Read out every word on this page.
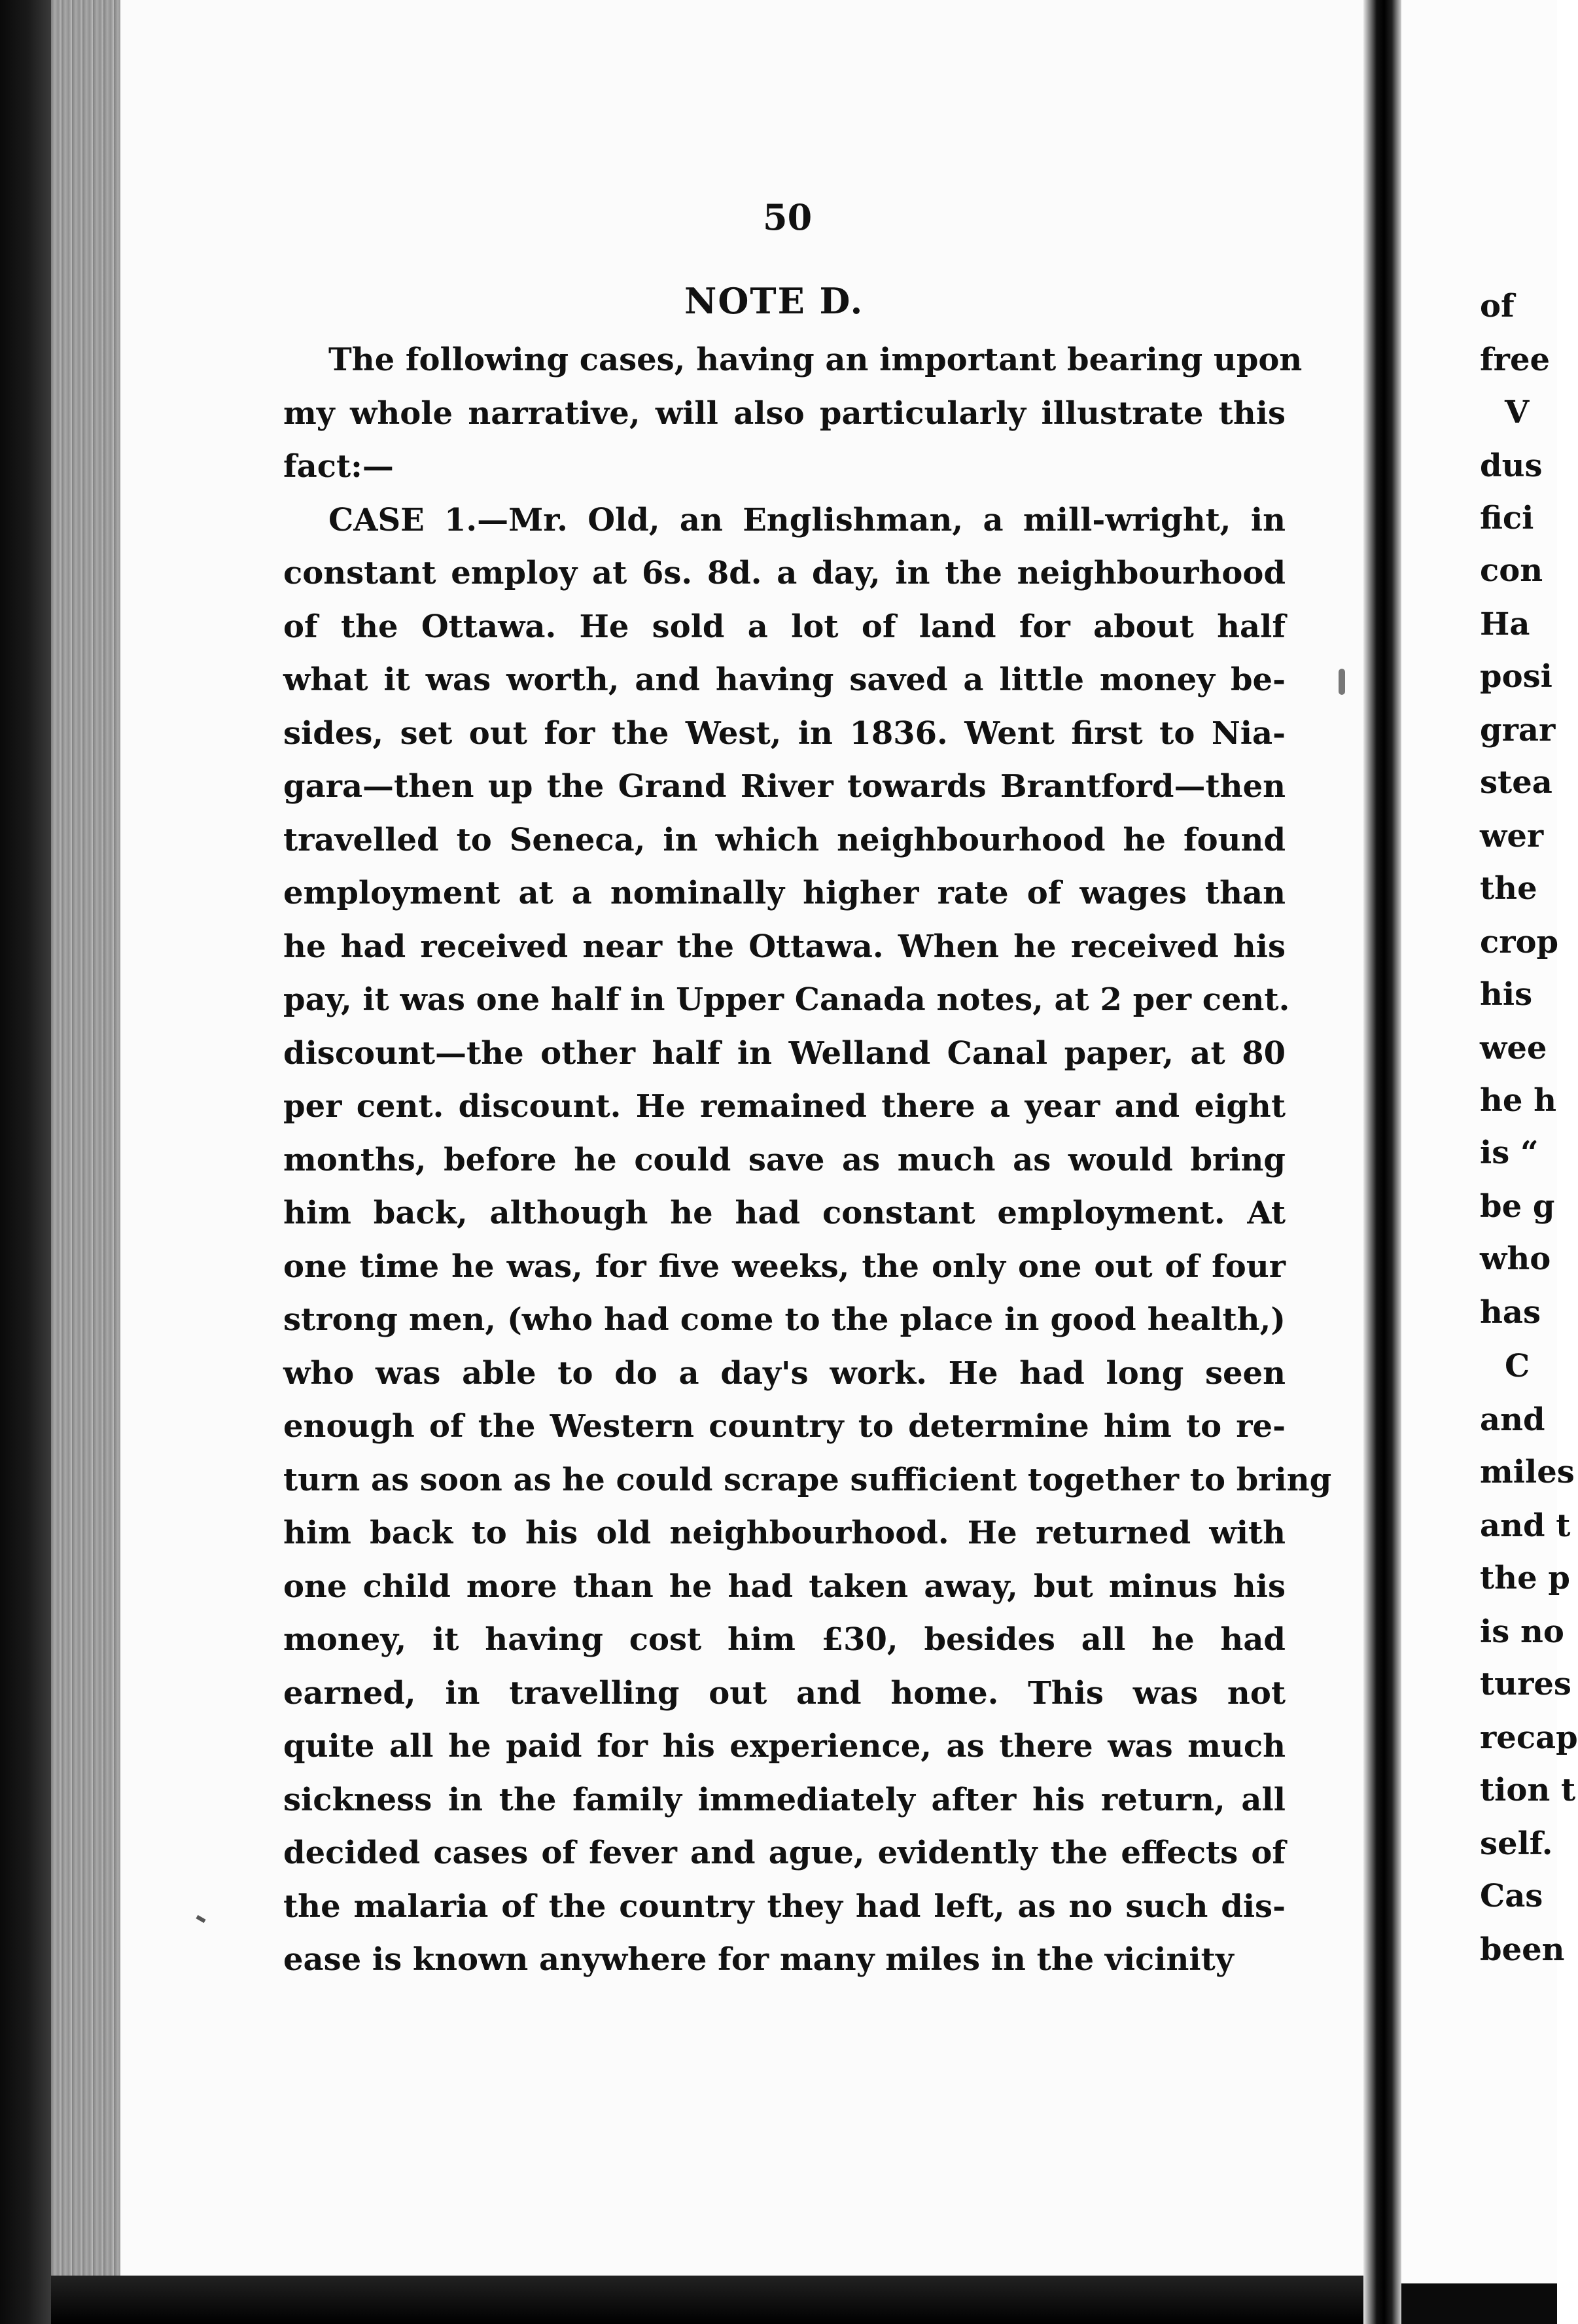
50
NOTE D.
The following cases, having an important bearing upon
my whole narrative, will also particularly illustrate this
fact:—
CASE 1.—Mr. Old, an Englishman, a mill-wright, in
constant employ at 6s. 8d. a day, in the neighbourhood
of the Ottawa. He sold a lot of land for about half
what it was worth, and having saved a little money be-
sides, set out for the West, in 1836. Went first to Nia-
gara—then up the Grand River towards Brantford—then
travelled to Seneca, in which neighbourhood he found
employment at a nominally higher rate of wages than
he had received near the Ottawa. When he received his
pay, it was one half in Upper Canada notes, at 2 per cent.
discount—the other half in Welland Canal paper, at 80
per cent. discount. He remained there a year and eight
months, before he could save as much as would bring
him back, although he had constant employment. At
one time he was, for five weeks, the only one out of four
strong men, (who had come to the place in good health,)
who was able to do a day's work. He had long seen
enough of the Western country to determine him to re-
turn as soon as he could scrape sufficient together to bring
him back to his old neighbourhood. He returned with
one child more than he had taken away, but minus his
money, it having cost him £30, besides all he had
earned, in travelling out and home. This was not
quite all he paid for his experience, as there was much
sickness in the family immediately after his return, all
decided cases of fever and ague, evidently the effects of
the malaria of the country they had left, as no such dis-
ease is known anywhere for many miles in the vicinity
of
free
V
dus
fici
con
Ha
posi
grar
stea
wer
the
crop
his
wee
he h
is “
be g
who
has
C
and
miles
and t
the p
is no
tures
recap
tion t
self.
Cas
been
